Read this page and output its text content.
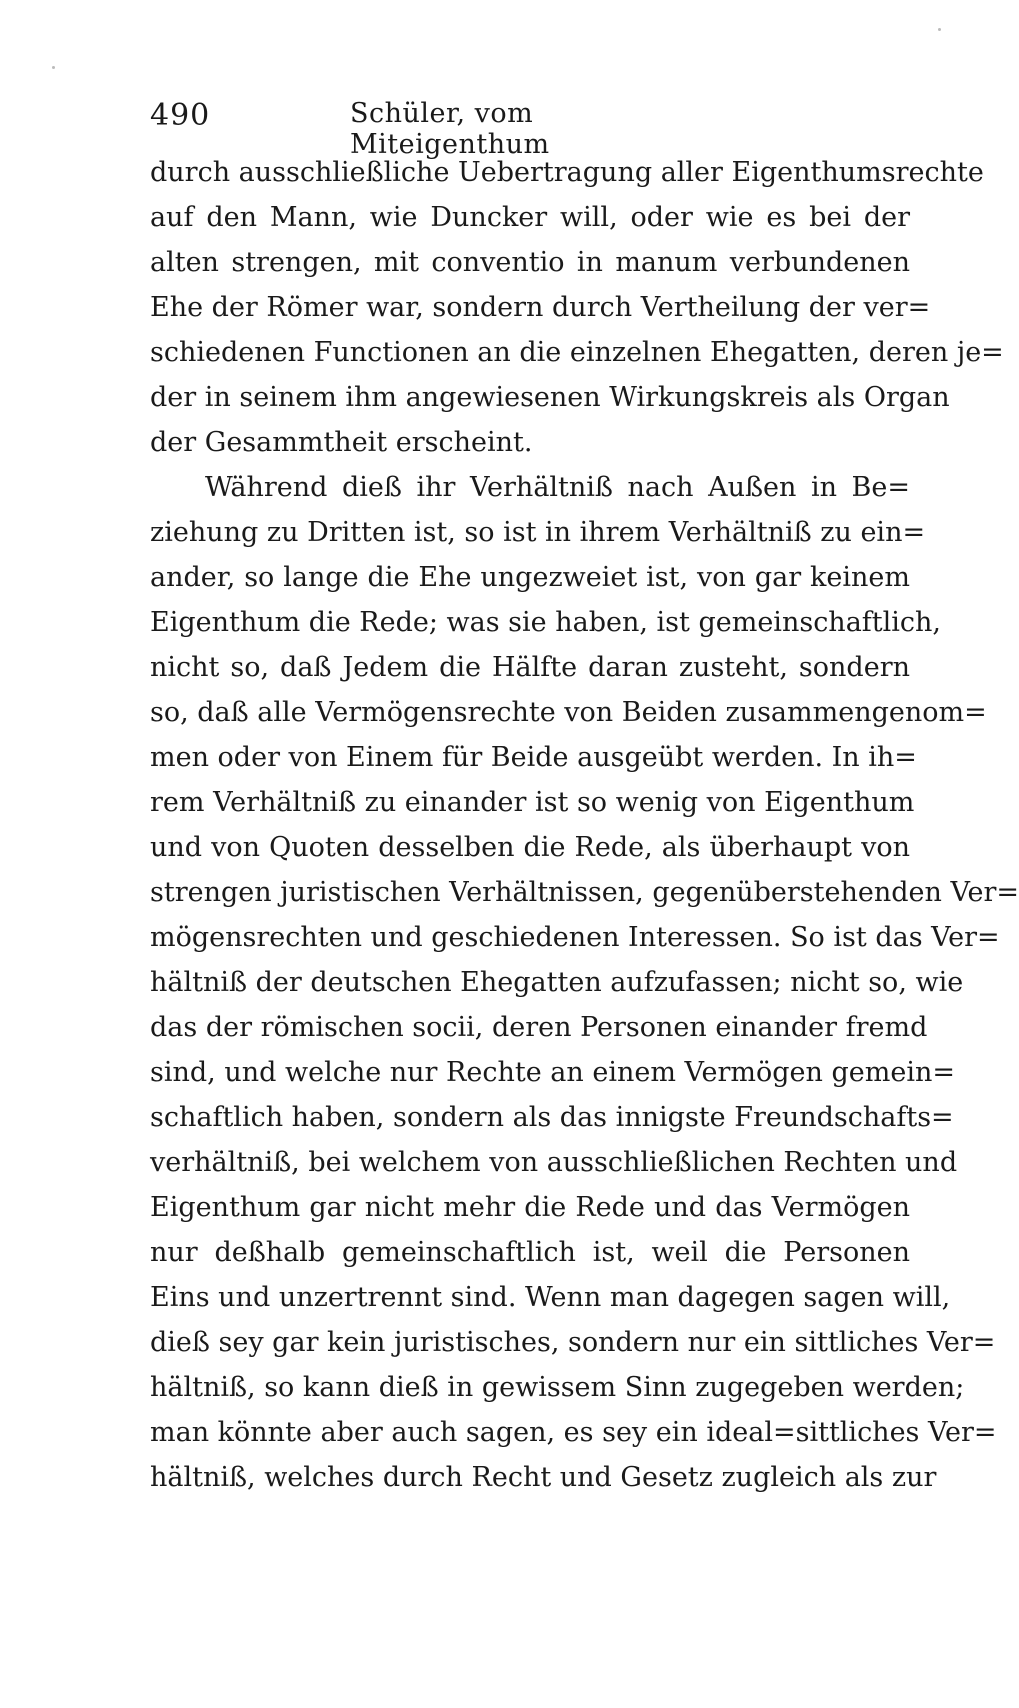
490	Schüler, vom Miteigenthum
durch ausschließliche Uebertragung aller Eigenthumsrechte
auf den Mann, wie Duncker will, oder wie es bei der
alten strengen, mit conventio in manum verbundenen
Ehe der Römer war, sondern durch Vertheilung der ver=
schiedenen Functionen an die einzelnen Ehegatten, deren je=
der in seinem ihm angewiesenen Wirkungskreis als Organ
der Gesammtheit erscheint.
Während dieß ihr Verhältniß nach Außen in Be=
ziehung zu Dritten ist, so ist in ihrem Verhältniß zu ein=
ander, so lange die Ehe ungezweiet ist, von gar keinem
Eigenthum die Rede; was sie haben, ist gemeinschaftlich,
nicht so, daß Jedem die Hälfte daran zusteht, sondern
so, daß alle Vermögensrechte von Beiden zusammengenom=
men oder von Einem für Beide ausgeübt werden. In ih=
rem Verhältniß zu einander ist so wenig von Eigenthum
und von Quoten desselben die Rede, als überhaupt von
strengen juristischen Verhältnissen, gegenüberstehenden Ver=
mögensrechten und geschiedenen Interessen. So ist das Ver=
hältniß der deutschen Ehegatten aufzufassen; nicht so, wie
das der römischen socii, deren Personen einander fremd
sind, und welche nur Rechte an einem Vermögen gemein=
schaftlich haben, sondern als das innigste Freundschafts=
verhältniß, bei welchem von ausschließlichen Rechten und
Eigenthum gar nicht mehr die Rede und das Vermögen
nur deßhalb gemeinschaftlich ist, weil die Personen
Eins und unzertrennt sind. Wenn man dagegen sagen will,
dieß sey gar kein juristisches, sondern nur ein sittliches Ver=
hältniß, so kann dieß in gewissem Sinn zugegeben werden;
man könnte aber auch sagen, es sey ein ideal=sittliches Ver=
hältniß, welches durch Recht und Gesetz zugleich als zur
